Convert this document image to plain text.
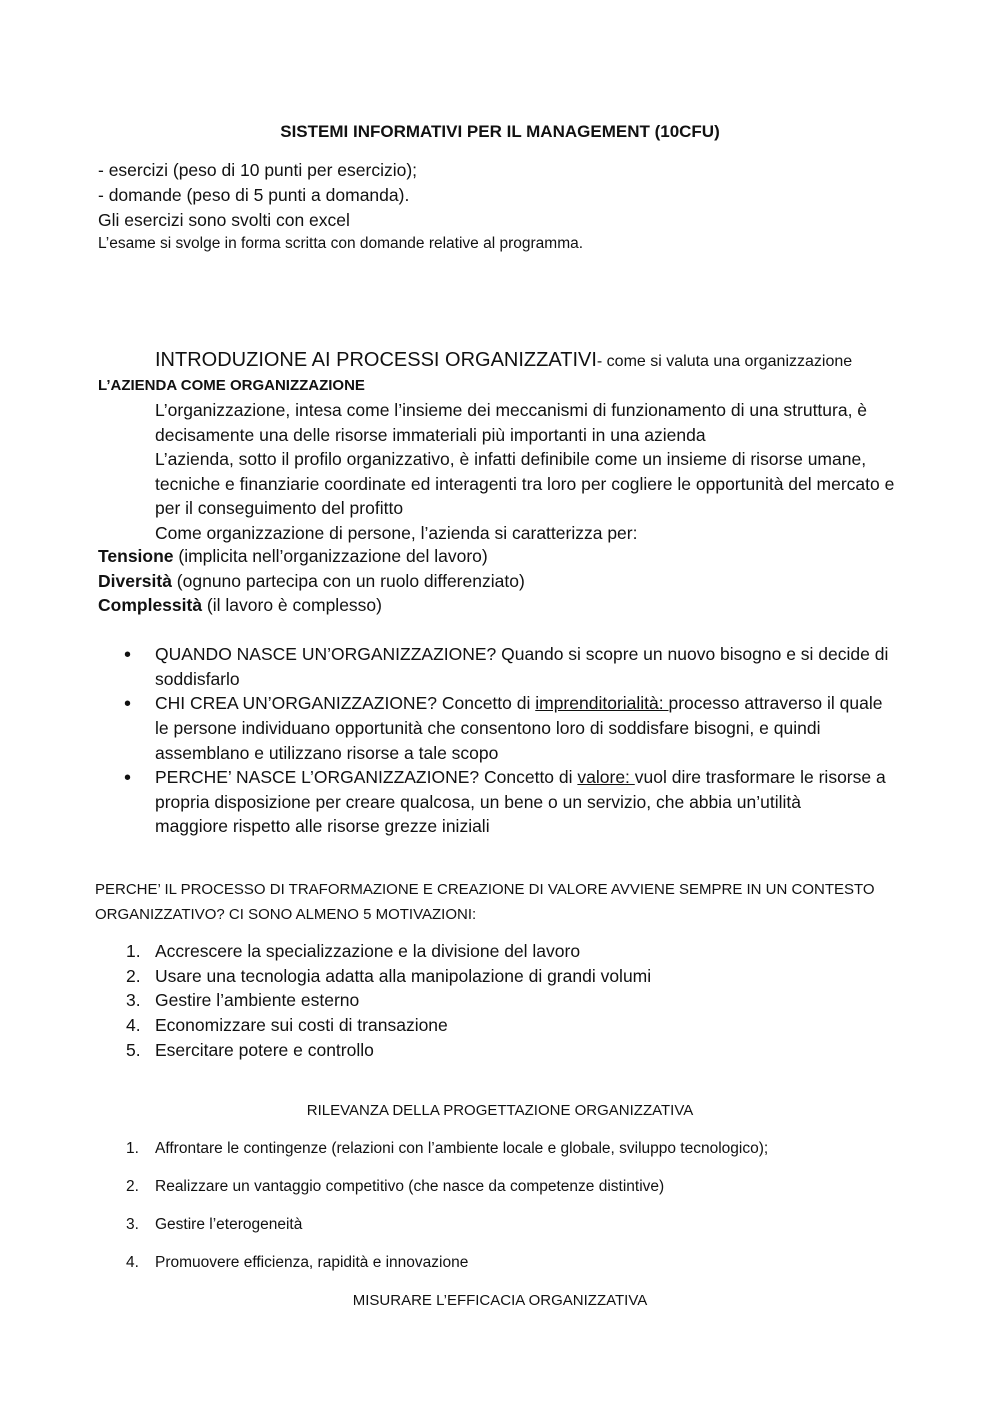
SISTEMI INFORMATIVI PER IL MANAGEMENT (10CFU)
- esercizi (peso di 10 punti per esercizio);
- domande (peso di 5 punti a domanda).
Gli esercizi sono svolti con excel
L’esame si svolge in forma scritta con domande relative al programma.
INTRODUZIONE AI PROCESSI ORGANIZZATIVI- come si valuta una organizzazione
L’AZIENDA COME ORGANIZZAZIONE
L’organizzazione, intesa come l’insieme dei meccanismi di funzionamento di una struttura, è decisamente una delle risorse immateriali più importanti in una azienda
L’azienda, sotto il profilo organizzativo, è infatti definibile come un insieme di risorse umane, tecniche e finanziarie coordinate ed interagenti tra loro per cogliere le opportunità del mercato e per il conseguimento del profitto
Come organizzazione di persone, l’azienda si caratterizza per:
Tensione (implicita nell’organizzazione del lavoro)
Diversità (ognuno partecipa con un ruolo differenziato)
Complessità (il lavoro è complesso)
• QUANDO NASCE UN’ORGANIZZAZIONE? Quando si scopre un nuovo bisogno e si decide di
soddisfarlo
• CHI CREA UN’ORGANIZZAZIONE? Concetto di imprenditorialità: processo attraverso il quale
le persone individuano opportunità che consentono loro di soddisfare bisogni, e quindi
assemblano e utilizzano risorse a tale scopo
• PERCHE’ NASCE L’ORGANIZZAZIONE? Concetto di valore: vuol dire trasformare le risorse a
propria disposizione per creare qualcosa, un bene o un servizio, che abbia un’utilità
maggiore rispetto alle risorse grezze iniziali
PERCHE’ IL PROCESSO DI TRAFORMAZIONE E CREAZIONE DI VALORE AVVIENE SEMPRE IN UN CONTESTO
ORGANIZZATIVO? CI SONO ALMENO 5 MOTIVAZIONI:
1. Accrescere la specializzazione e la divisione del lavoro
2. Usare una tecnologia adatta alla manipolazione di grandi volumi
3. Gestire l’ambiente esterno
4. Economizzare sui costi di transazione
5. Esercitare potere e controllo
RILEVANZA DELLA PROGETTAZIONE ORGANIZZATIVA
1. Affrontare le contingenze (relazioni con l’ambiente locale e globale, sviluppo tecnologico);
2. Realizzare un vantaggio competitivo (che nasce da competenze distintive)
3. Gestire l’eterogeneità
4. Promuovere efficienza, rapidità e innovazione
MISURARE L’EFFICACIA ORGANIZZATIVA
